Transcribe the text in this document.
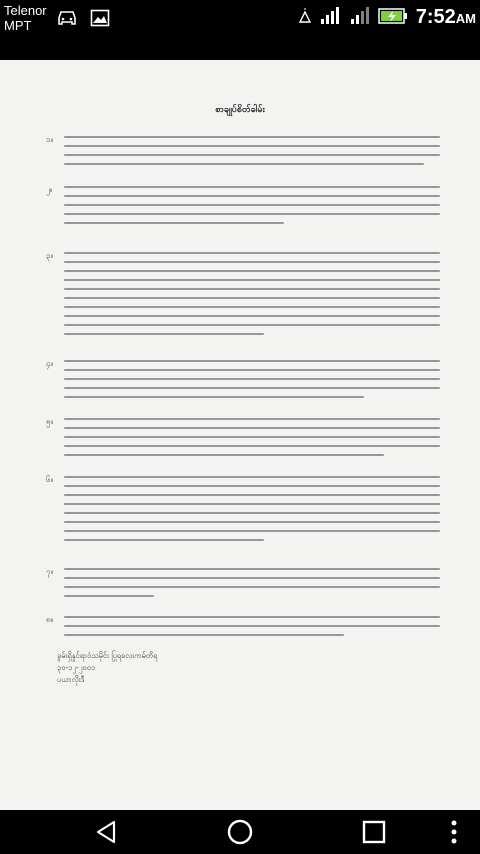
Telenor
MPT	7:52AM
စာချုပ်စိတ်ခါမ်း
၁။
၂။
၃။
၄။
၅။
၆။
၇။
၈။
ခွမ်းရှိနှုင်ရာဝံသမိုင်း ပြုရလေးကမ်တိရ
၃၀-၁၂-၂၀၀၁
ပယာလိုးဒီ
